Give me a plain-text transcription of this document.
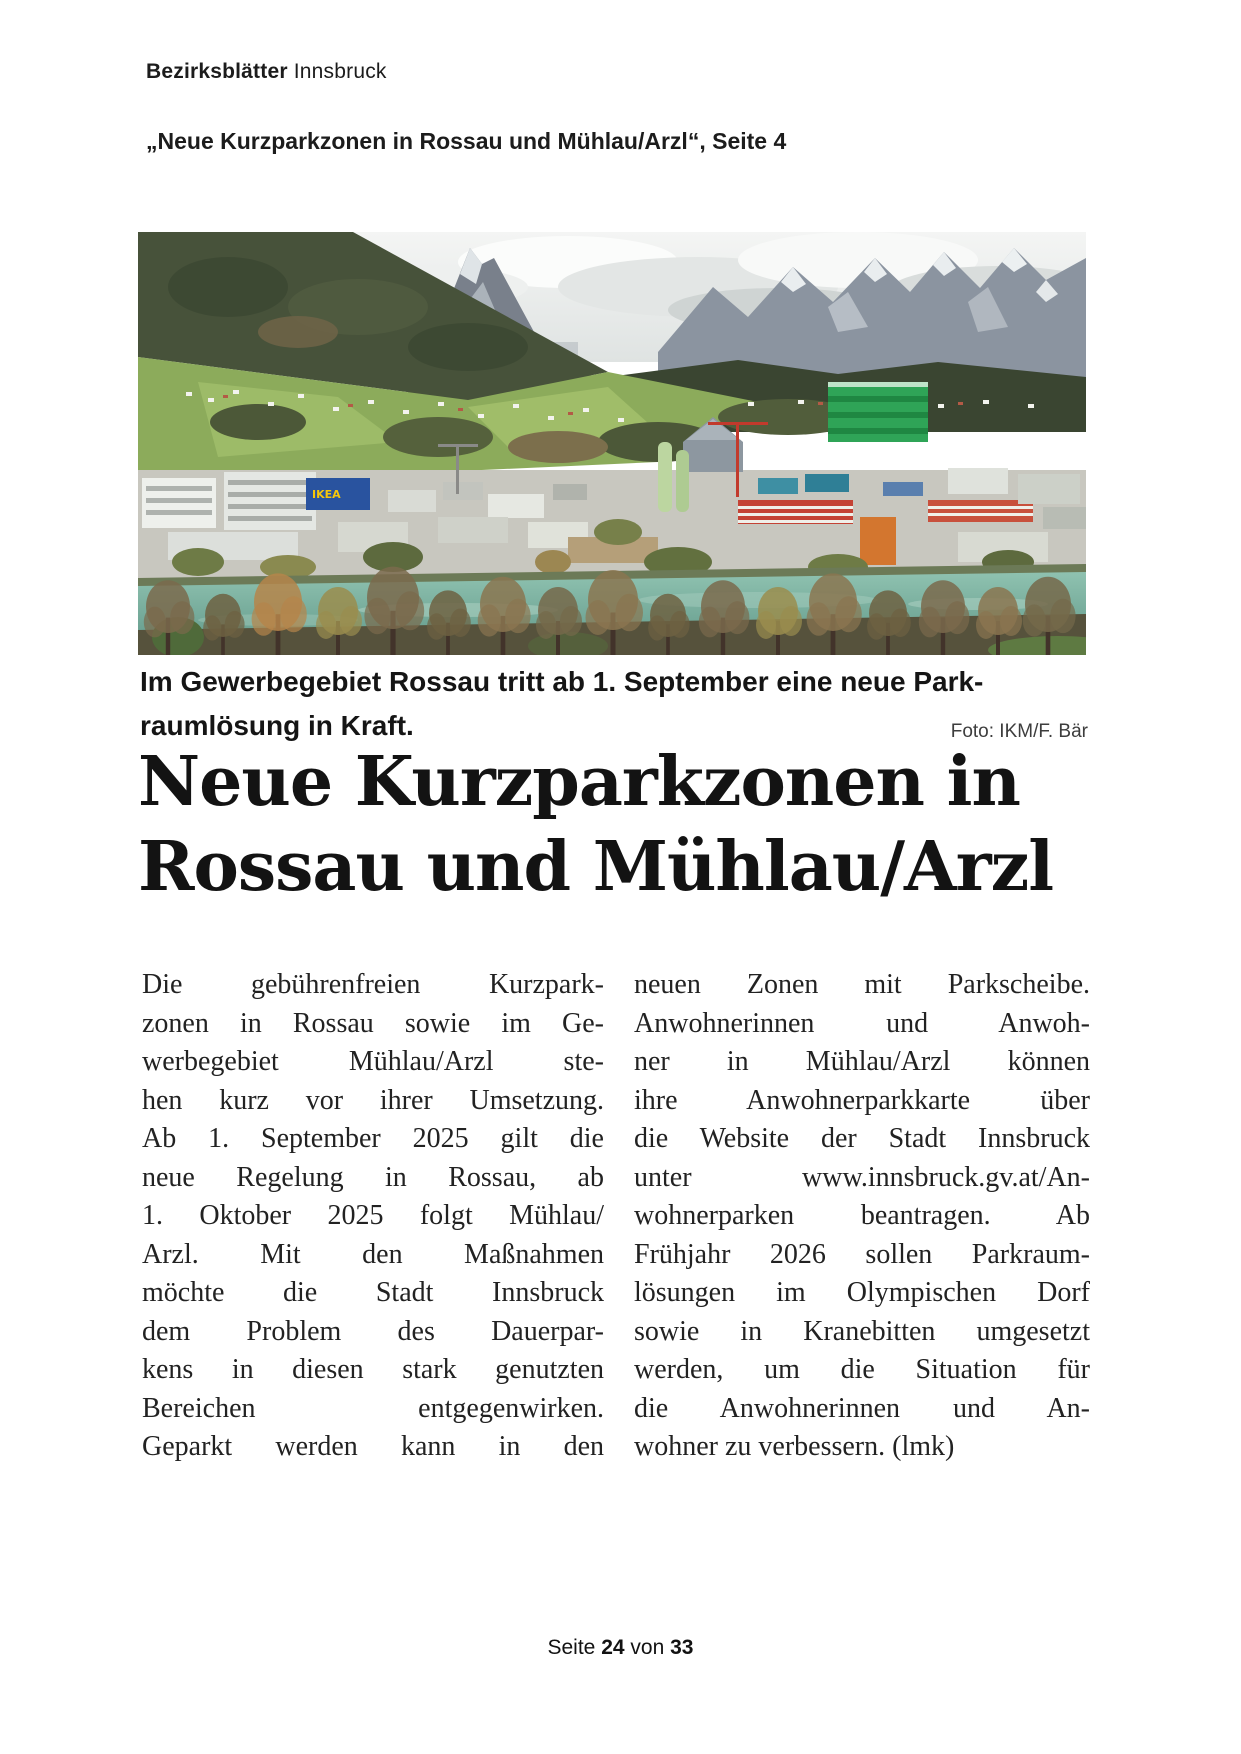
Bezirksblätter Innsbruck
„Neue Kurzparkzonen in Rossau und Mühlau/Arzl“, Seite 4
IKEA
Im Gewerbegebiet Rossau tritt ab 1. September eine neue Park-
raumlösung in Kraft.	Foto: IKM/F. Bär
Neue Kurzparkzonen in
Rossau und Mühlau/Arzl
Die gebührenfreien Kurzpark-
zonen in Rossau sowie im Ge-
werbegebiet Mühlau/Arzl ste-
hen kurz vor ihrer Umsetzung.
Ab 1. September 2025 gilt die
neue Regelung in Rossau, ab
1. Oktober 2025 folgt Mühlau/
Arzl. Mit den Maßnahmen
möchte die Stadt Innsbruck
dem Problem des Dauerpar-
kens in diesen stark genutzten
Bereichen entgegenwirken.
Geparkt werden kann in den
neuen Zonen mit Parkscheibe.
Anwohnerinnen und Anwoh-
ner in Mühlau/Arzl können
ihre Anwohnerparkkarte über
die Website der Stadt Innsbruck
unter www.innsbruck.gv.at/An-
wohnerparken beantragen. Ab
Frühjahr 2026 sollen Parkraum-
lösungen im Olympischen Dorf
sowie in Kranebitten umgesetzt
werden, um die Situation für
die Anwohnerinnen und An-
wohner zu verbessern. (lmk)
Seite 24 von 33
